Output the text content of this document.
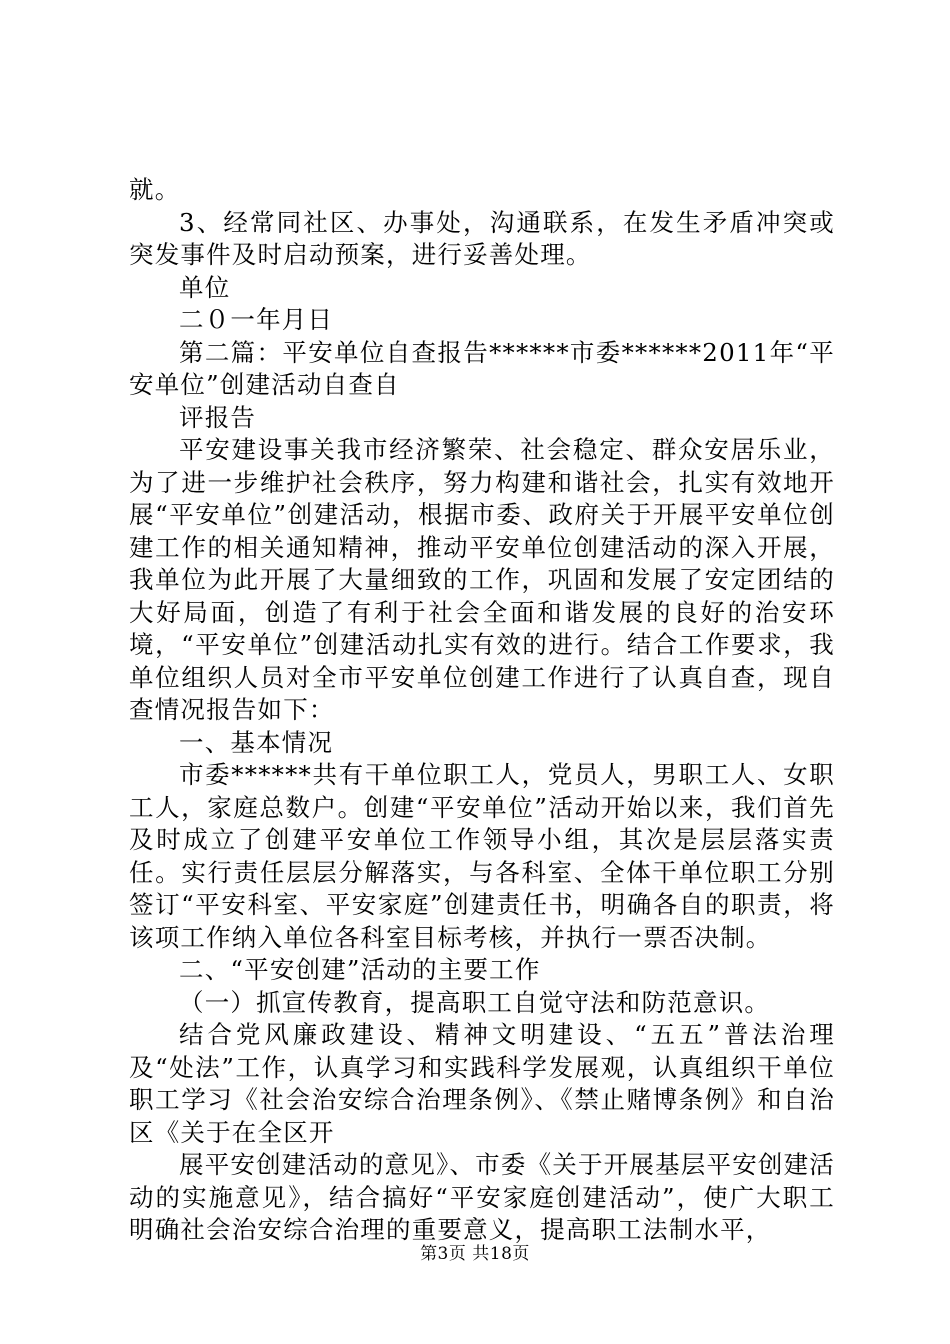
就。

3、经常同社区、办事处，沟通联系，在发生矛盾冲突或突发事件及时启动预案，进行妥善处理。

单位

二０一年月日

第二篇：平安单位自查报告******市委******2011年“平安单位”创建活动自查自

评报告

平安建设事关我市经济繁荣、社会稳定、群众安居乐业，为了进一步维护社会秩序，努力构建和谐社会，扎实有效地开展“平安单位”创建活动，根据市委、政府关于开展平安单位创建工作的相关通知精神，推动平安单位创建活动的深入开展，我单位为此开展了大量细致的工作，巩固和发展了安定团结的大好局面，创造了有利于社会全面和谐发展的良好的治安环境，“平安单位”创建活动扎实有效的进行。结合工作要求，我单位组织人员对全市平安单位创建工作进行了认真自查，现自查情况报告如下：

一、基本情况

市委******共有干单位职工人，党员人，男职工人、女职工人，家庭总数户。创建“平安单位”活动开始以来，我们首先及时成立了创建平安单位工作领导小组，其次是层层落实责任。实行责任层层分解落实，与各科室、全体干单位职工分别签订“平安科室、平安家庭”创建责任书，明确各自的职责，将该项工作纳入单位各科室目标考核，并执行一票否决制。

二、“平安创建”活动的主要工作

（一）抓宣传教育，提高职工自觉守法和防范意识。

结合党风廉政建设、精神文明建设、“五五”普法治理及“处法”工作，认真学习和实践科学发展观，认真组织干单位职工学习《社会治安综合治理条例》、《禁止赌博条例》和自治区《关于在全区开

展平安创建活动的意见》、市委《关于开展基层平安创建活动的实施意见》，结合搞好“平安家庭创建活动”，使广大职工明确社会治安综合治理的重要意义，提高职工法制水平，

第3页 共18页
